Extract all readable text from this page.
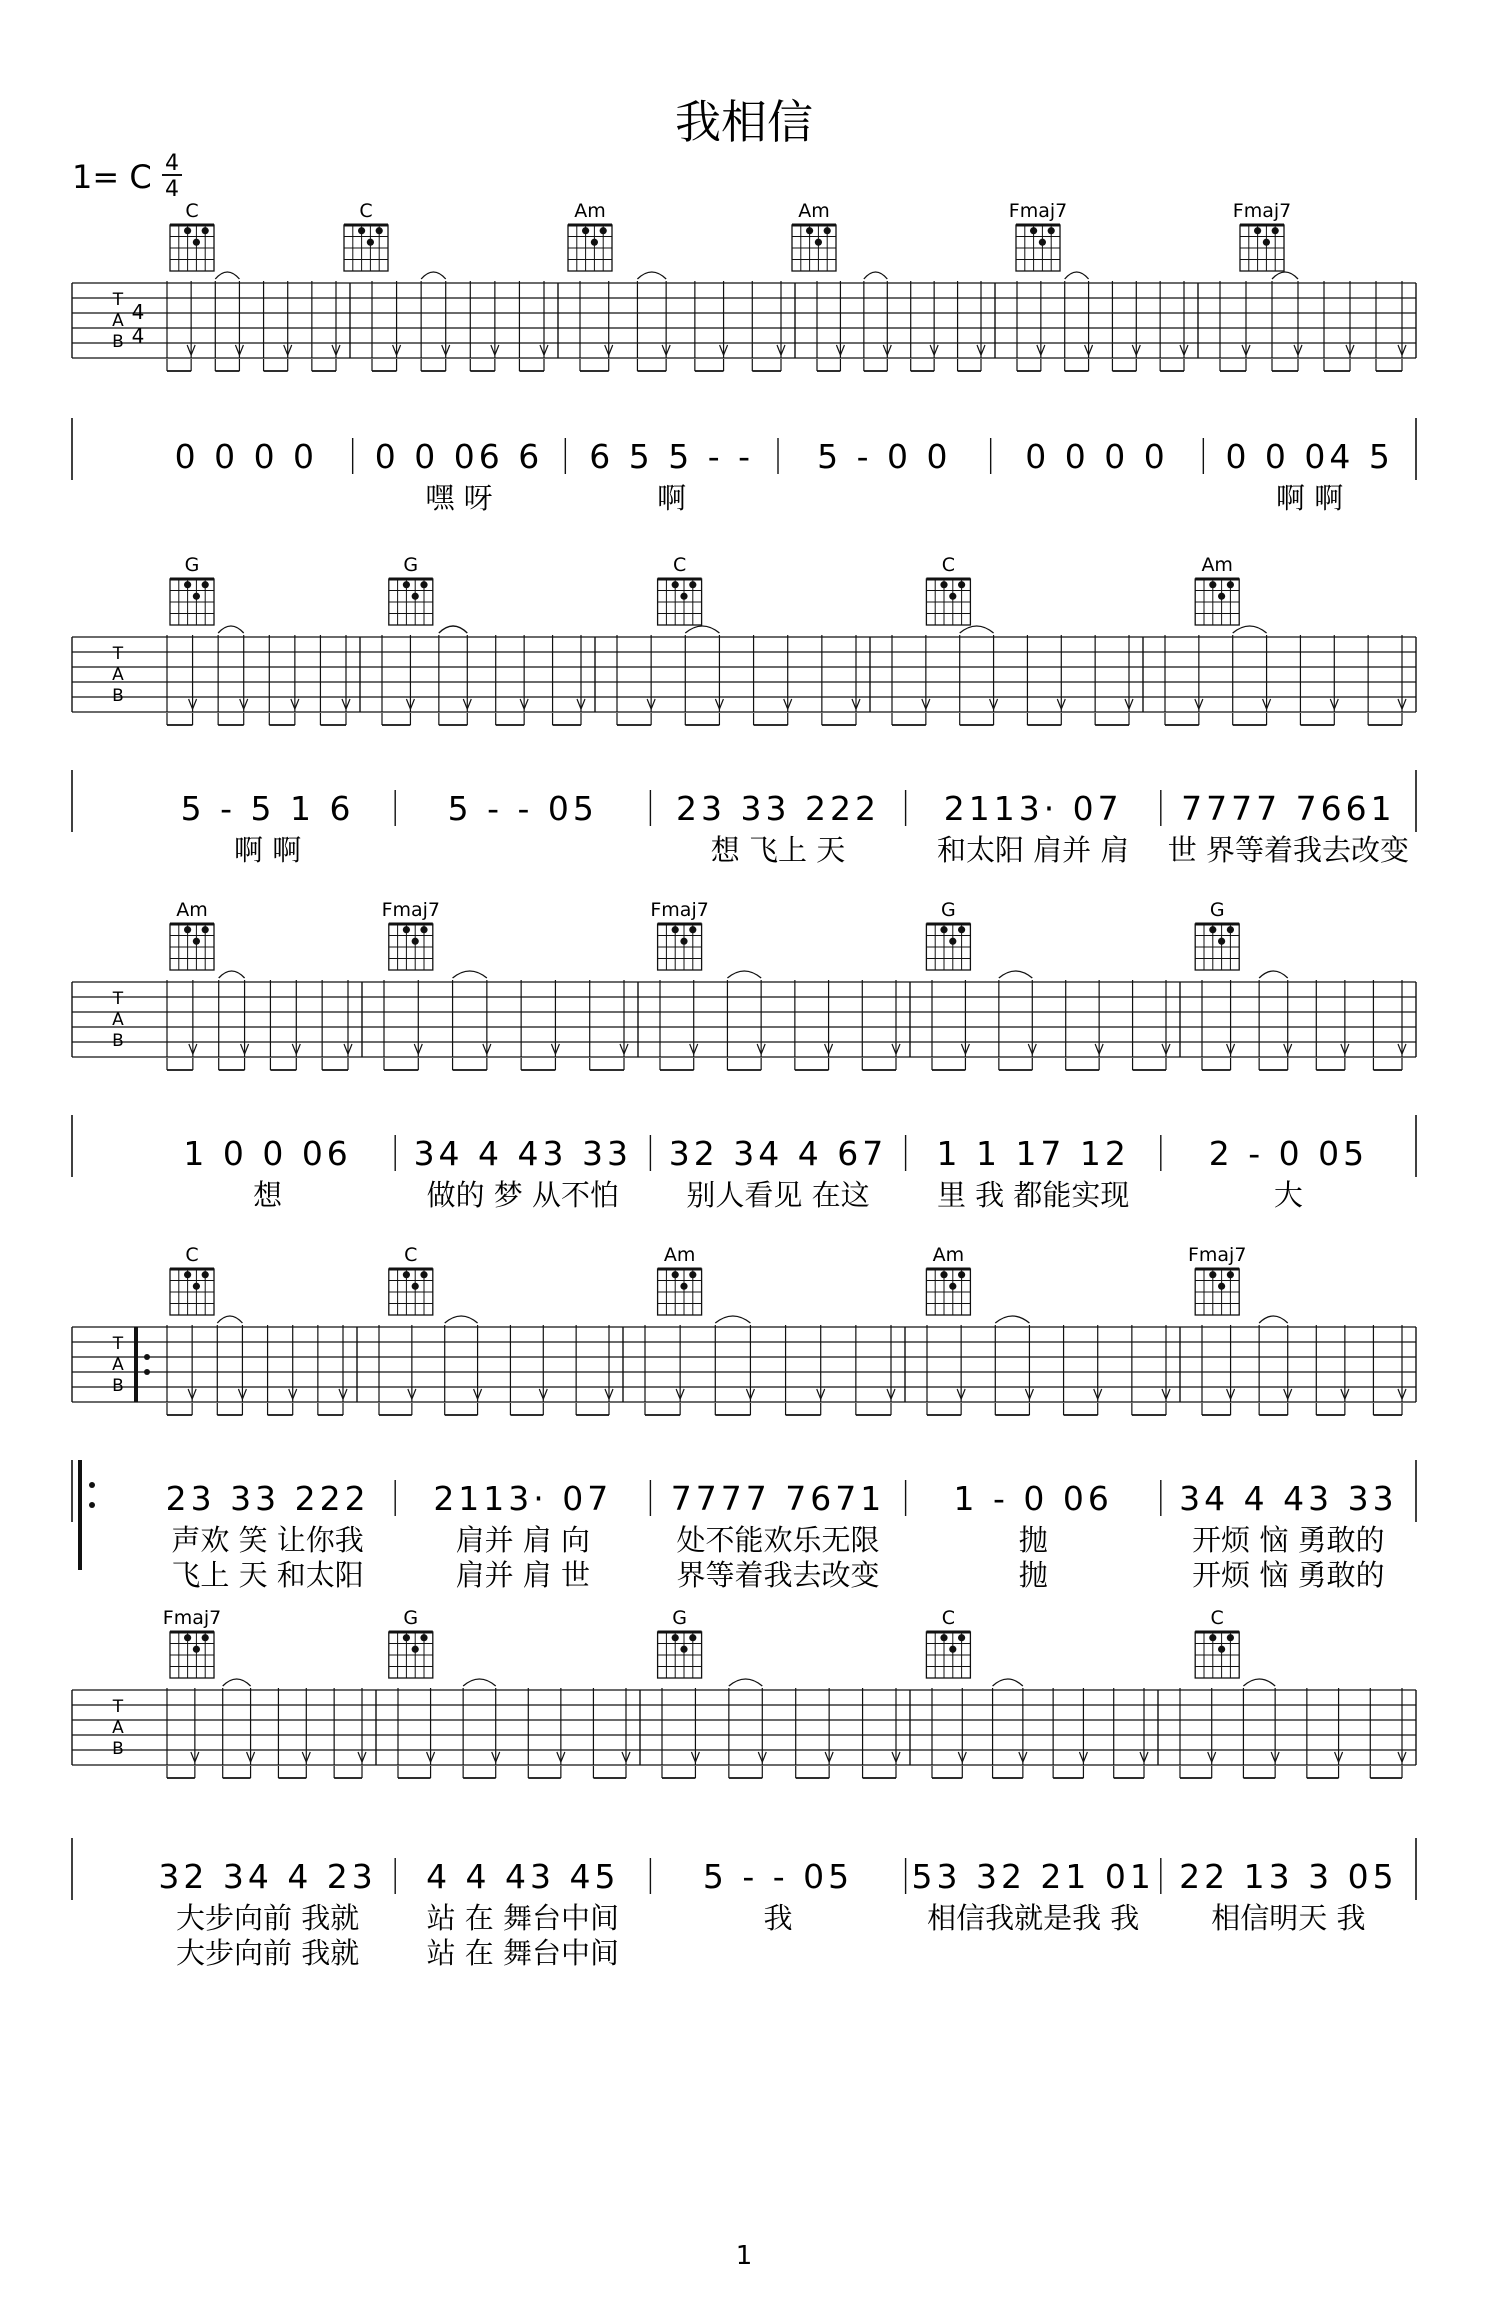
我相信
1= C 4
4
T
A
B
4
4
C	C	Am	Am	Fmaj7	Fmaj7
0 0 0 0 0 0 06 6
嘿 呀
6 5 5 - -
啊
5 - 0 0 0 0 0 0 0 0 04 5
啊 啊
T
A
B
G	G	C	C	Am
5 - 5 1 6
啊 啊
5 - - 05 23 33 222
想 飞上 天
2113· 07
和太阳 肩并 肩
7777 7661
世 界等着我去改变
T
A
B
Am	Fmaj7	Fmaj7	G	G
1 0 0 06
想
34 4 43 33
做的 梦 从不怕
32 34 4 67
别人看见 在这
1 1 17 12
里 我 都能实现
2 - 0 05
大
T
A
B
C	C	Am	Am	Fmaj7
23 33 222
声欢 笑 让你我
飞上 天 和太阳
2113· 07
肩并 肩 向
肩并 肩 世
7777 7671
处不能欢乐无限
界等着我去改变
1 - 0 06
抛
抛
34 4 43 33
开烦 恼 勇敢的
开烦 恼 勇敢的
T
A
B
Fmaj7	G	G	C	C
32 34 4 23
大步向前 我就
大步向前 我就
4 4 43 45
站 在 舞台中间
站 在 舞台中间
5 - - 05
我
53 32 21 01
相信我就是我 我
22 13 3 05
相信明天 我
1
